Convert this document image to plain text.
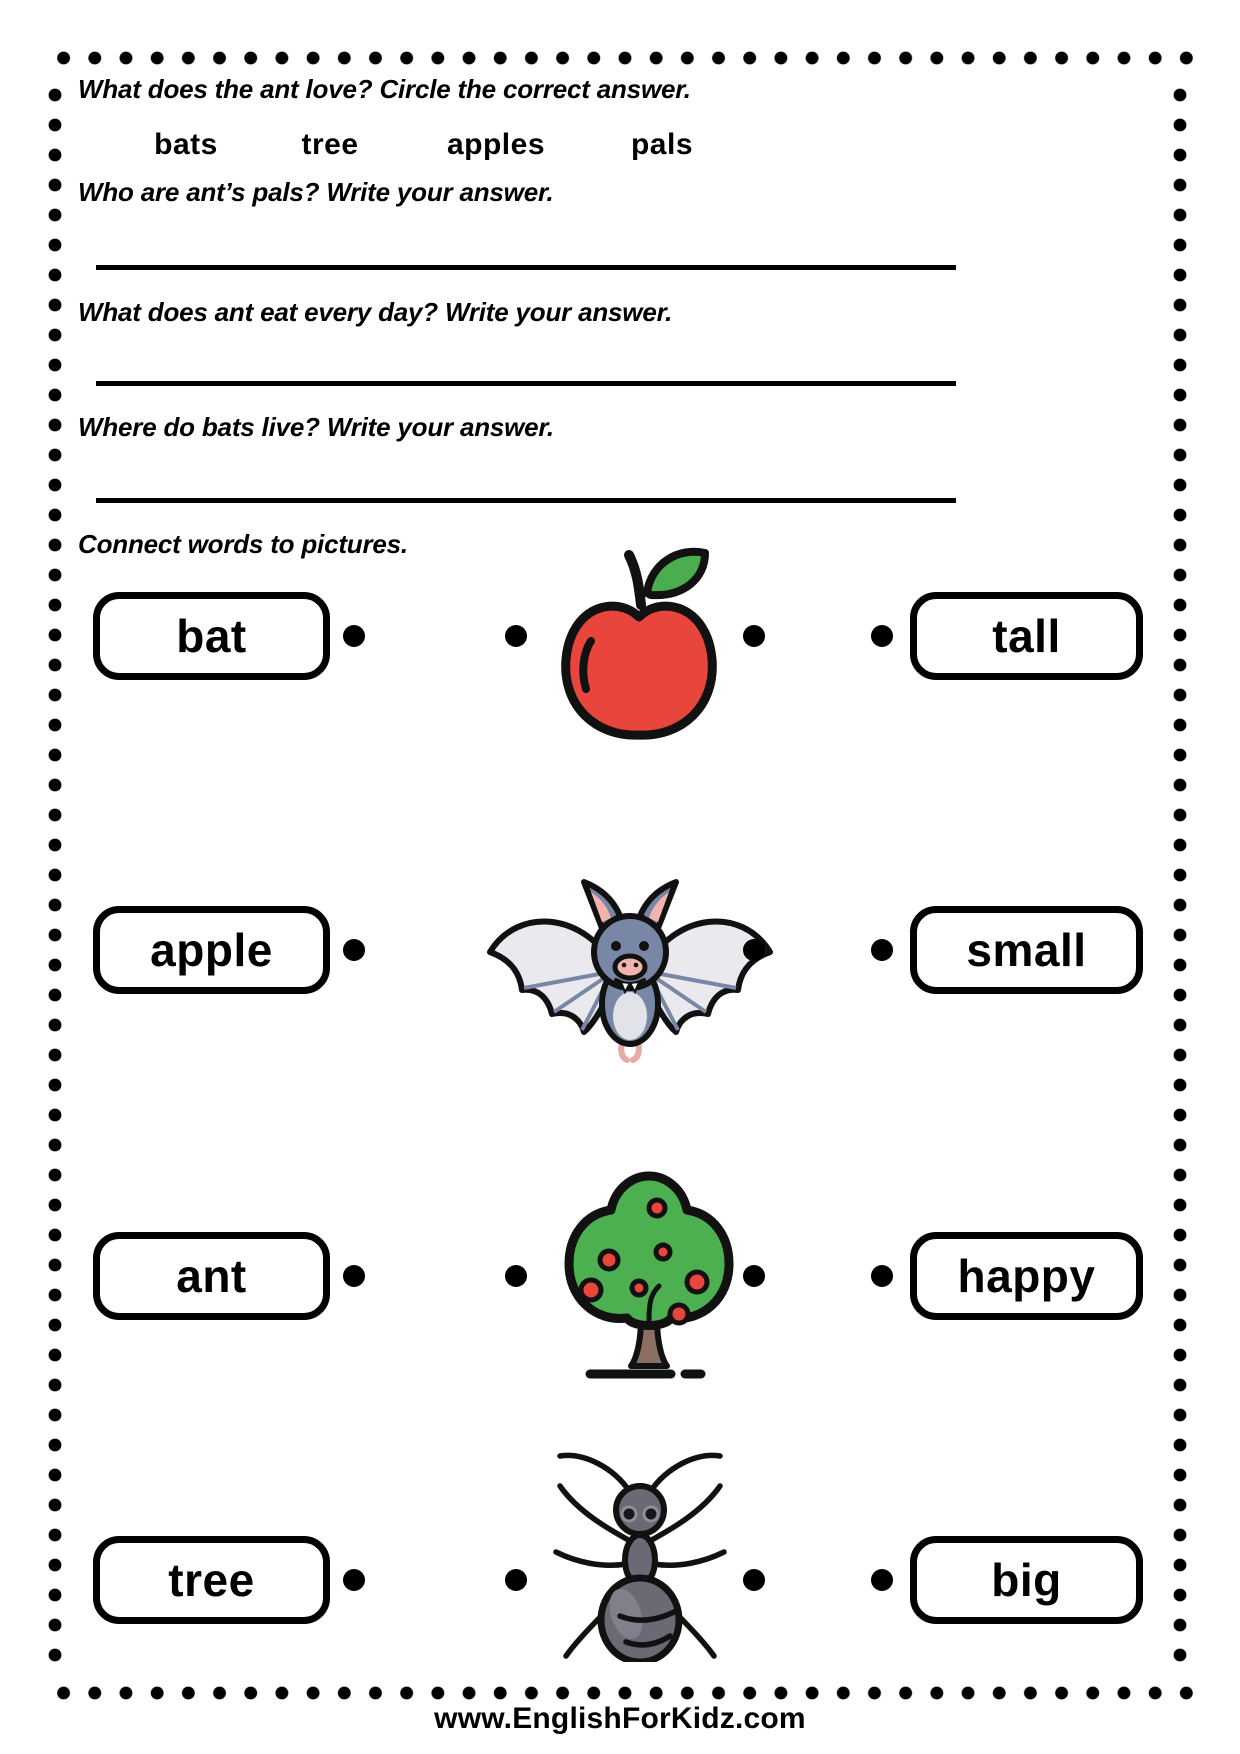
What does the ant love? Circle the correct answer.
bats	tree	apples	pals
Who are ant’s pals? Write your answer.
What does ant eat every day? Write your answer.
Where do bats live? Write your answer.
Connect words to pictures.
bat	tall
apple	small
ant	happy
tree	big
www.EnglishForKidz.com
